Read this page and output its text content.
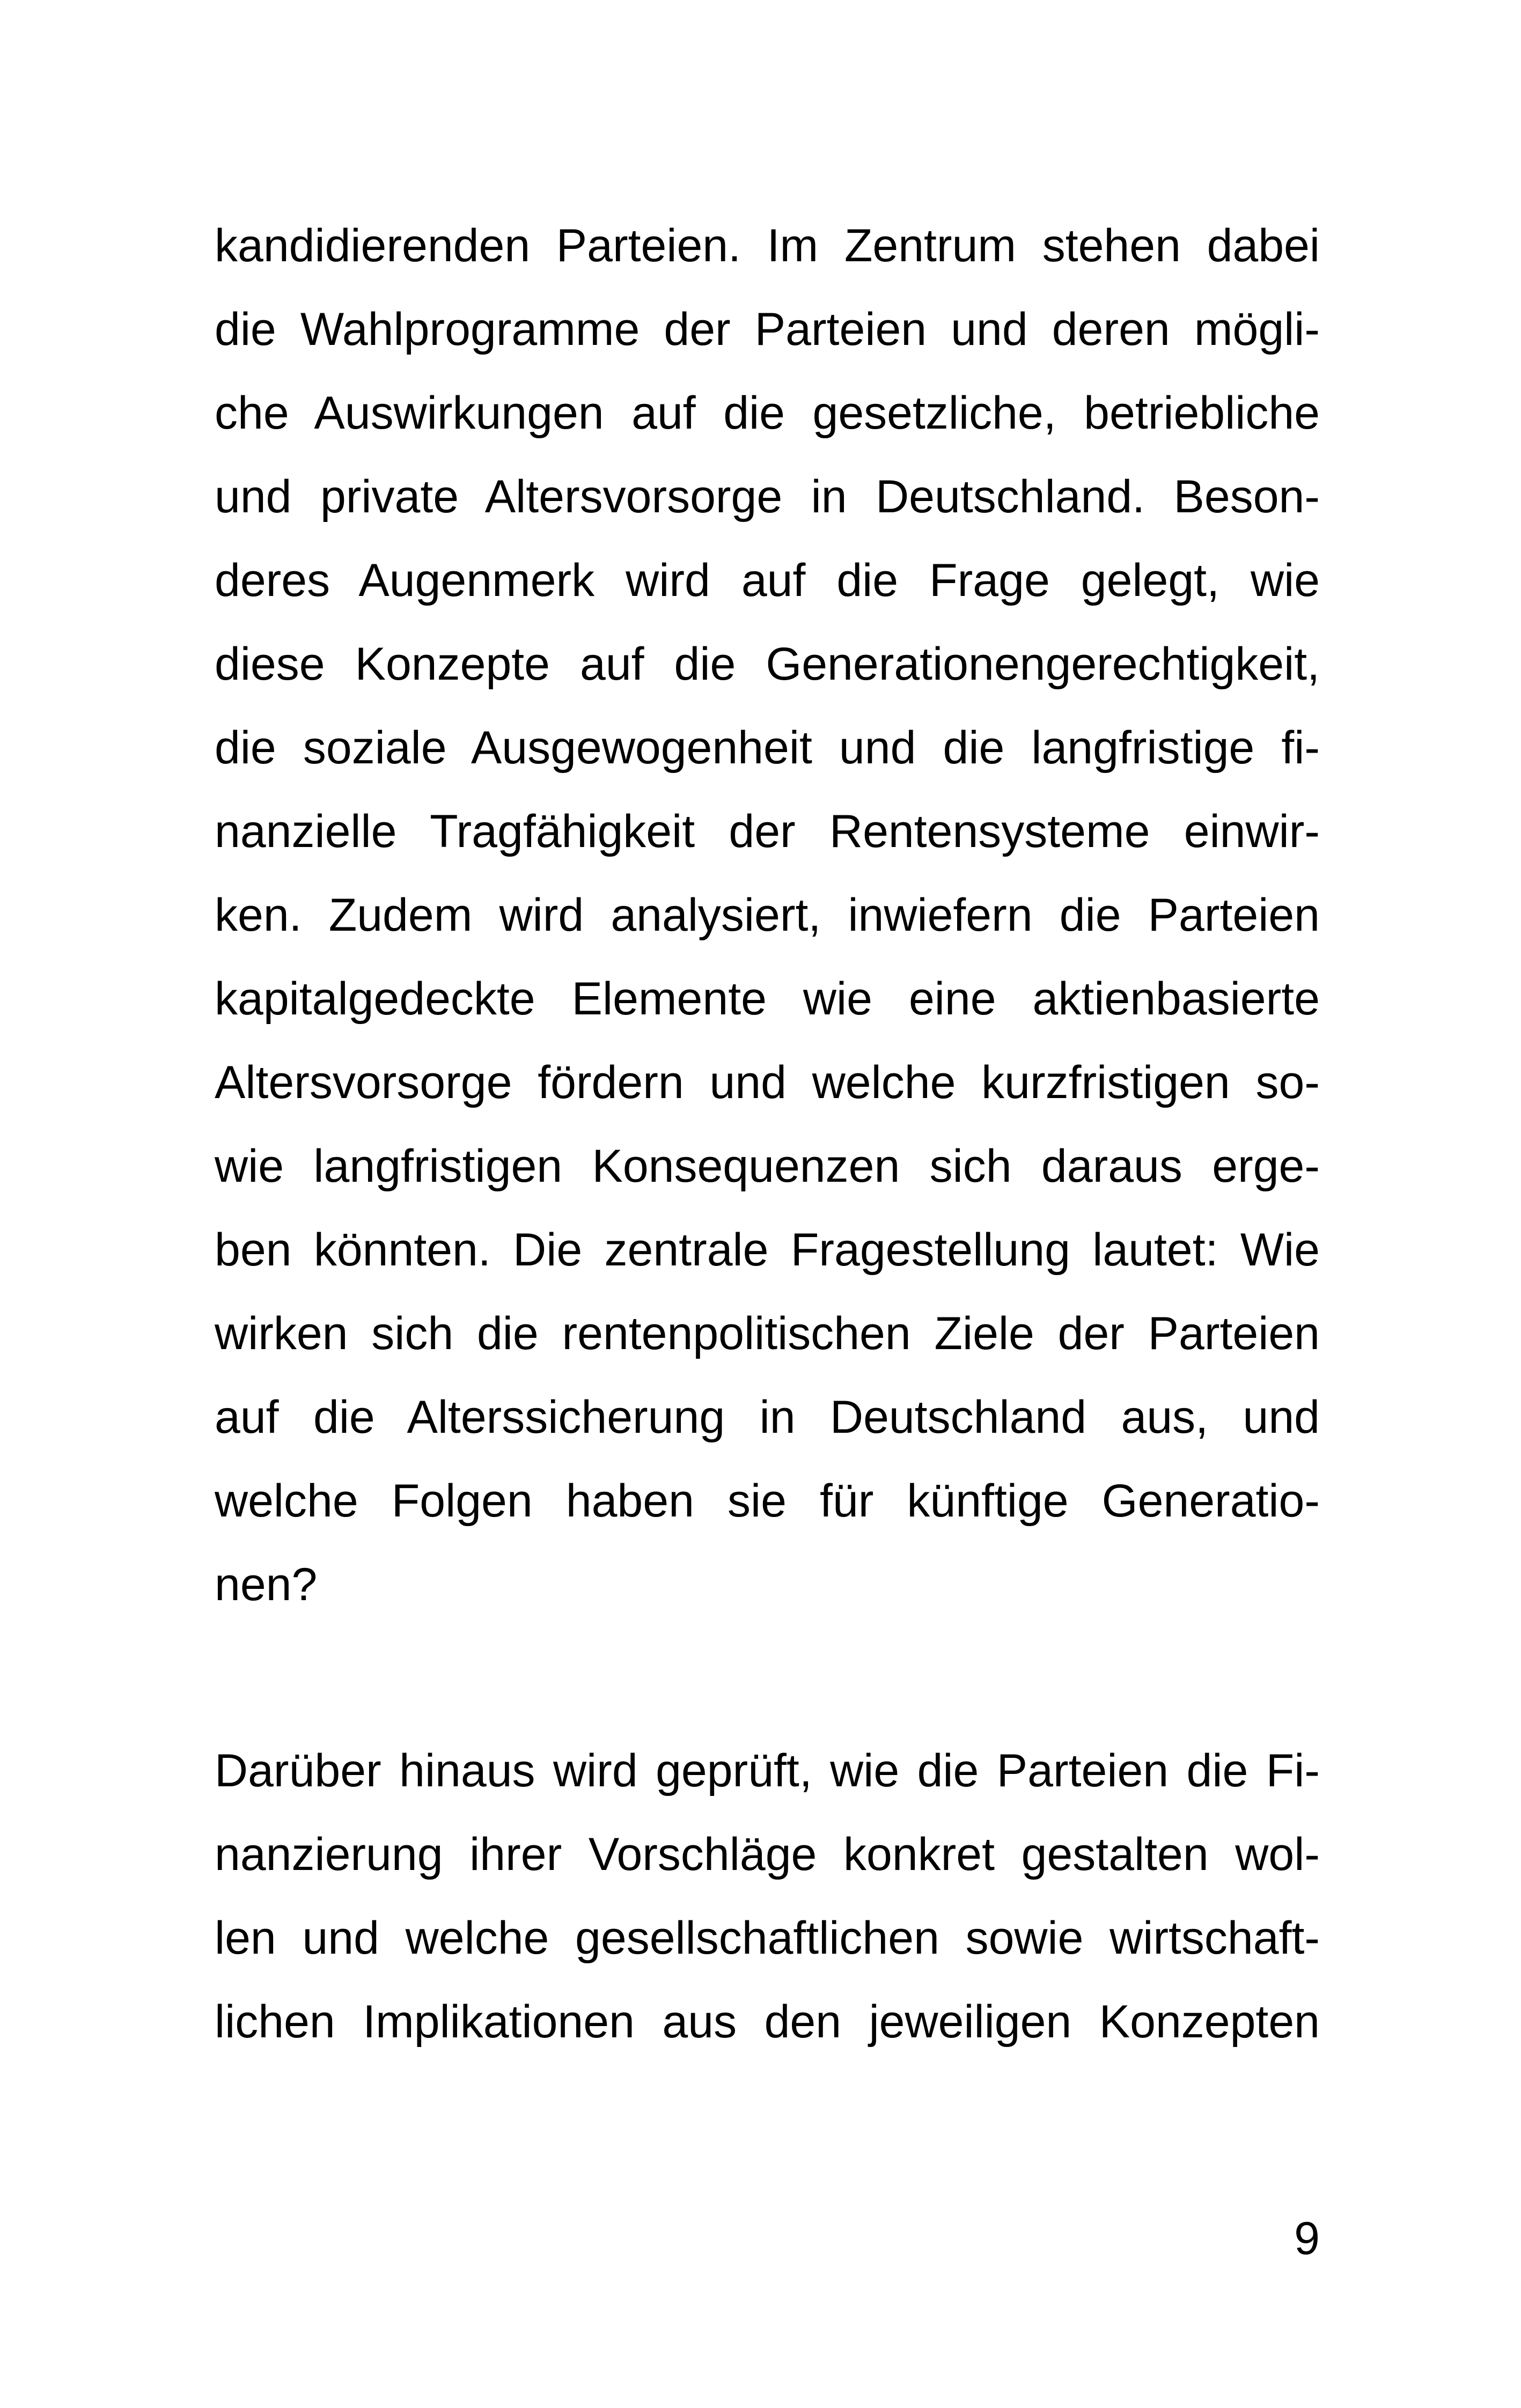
kandidierenden Parteien. Im Zentrum stehen dabei
die Wahlprogramme der Parteien und deren mögli-
che Auswirkungen auf die gesetzliche, betriebliche
und private Altersvorsorge in Deutschland. Beson-
deres Augenmerk wird auf die Frage gelegt, wie
diese Konzepte auf die Generationengerechtigkeit,
die soziale Ausgewogenheit und die langfristige fi-
nanzielle Tragfähigkeit der Rentensysteme einwir-
ken. Zudem wird analysiert, inwiefern die Parteien
kapitalgedeckte Elemente wie eine aktienbasierte
Altersvorsorge fördern und welche kurzfristigen so-
wie langfristigen Konsequenzen sich daraus erge-
ben könnten. Die zentrale Fragestellung lautet: Wie
wirken sich die rentenpolitischen Ziele der Parteien
auf die Alterssicherung in Deutschland aus, und
welche Folgen haben sie für künftige Generatio-
nen?
Darüber hinaus wird geprüft, wie die Parteien die Fi-
nanzierung ihrer Vorschläge konkret gestalten wol-
len und welche gesellschaftlichen sowie wirtschaft-
lichen Implikationen aus den jeweiligen Konzepten
9
